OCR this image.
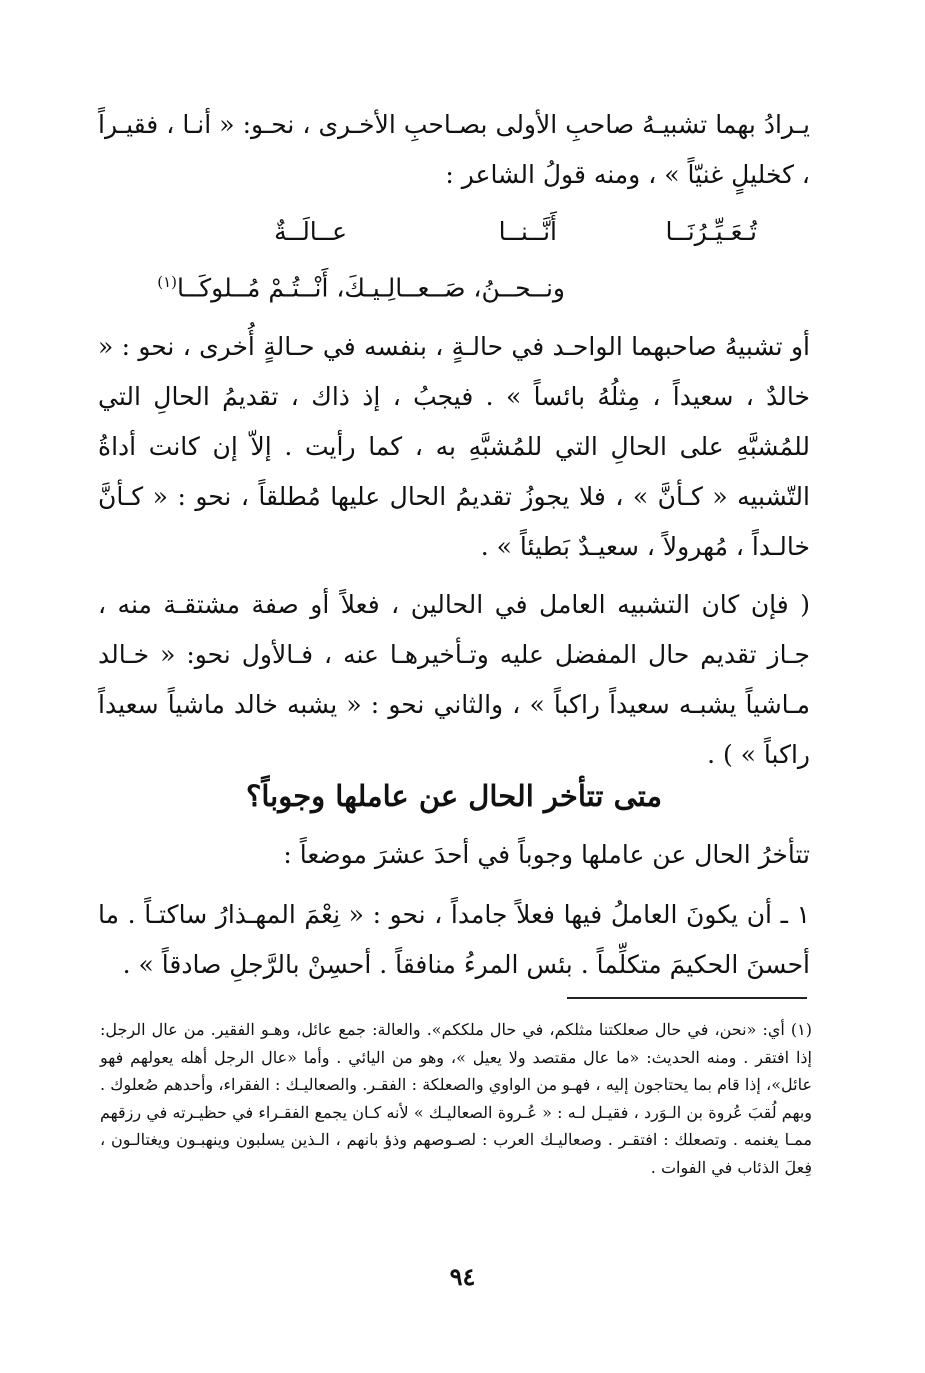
يـرادُ بهما تشبيـهُ صاحبِ الأولى بصـاحبِ الأخـرى ، نحـو: « أنـا ، فقيـراً ، كخليلٍ غنيّاً » ، ومنه قولُ الشاعر :

تُـعَـيِّـرُنَــا
أَنَّــنــا
عــالَــةٌ
ونــحــنُ، صَــعــالِـيـكَ، أَنْــتُـمْ مُــلوكَــا$^{(١)}$

أو تشبيهُ صاحبهما الواحـد في حالـةٍ ، بنفسه في حـالةٍ أُخرى ، نحو : « خالدٌ ، سعيداً ، مِثلُهُ بائساً » . فيجبُ ، إذ ذاك ، تقديمُ الحالِ التي للمُشبَّهِ على الحالِ التي للمُشبَّهِ به ، كما رأيت . إلاّ إن كانت أداةُ التّشبيه « كـأنَّ » ، فلا يجوزُ تقديمُ الحال عليها مُطلقاً ، نحو : « كـأنَّ خالـداً ، مُهرولاً ، سعيـدٌ بَطيئاً » .

( فإن كان التشبيه العامل في الحالين ، فعلاً أو صفة مشتقـة منه ، جـاز تقديم حال المفضل عليه وتـأخيرهـا عنه ، فـالأول نحو: « خـالد مـاشياً يشبـه سعيداً راكباً » ، والثاني نحو : « يشبه خالد ماشياً سعيداً راكباً » ) .

متى تتأخر الحال عن عاملها وجوباً؟

تتأخرُ الحال عن عاملها وجوباً في أحدَ عشرَ موضعاً :

١ ـ أن يكونَ العاملُ فيها فعلاً جامداً ، نحو : « نِعْمَ المهـذارُ ساكتـاً . ما أحسنَ الحكيمَ متكلِّماً . بئس المرءُ منافقاً . أحسِنْ بالرَّجلِ صادقاً » .

(١) أي: «نحن، في حال صعلكتنا مثلكم، في حال ملككم». والعالة: جمع عائل، وهـو الفقير. من عال الرجل: إذا افتقر . ومنه الحديث: «ما عال مقتصد ولا يعيل »، وهو من اليائي . وأما «عال الرجل أهله يعولهم فهو عائل»، إذا قام بما يحتاجون إليه ، فهـو من الواوي والصعلكة : الفقـر. والصعاليـك : الفقراء، وأحدهم صُعلوك . وبهم لُقبَ عُروة بن الـوَرد ، فقيـل لـه : « عُـروة الصعاليـك » لأنه كـان يجمع الفقـراء في حظيـرته في رزقهم ممـا يغنمه . وتصعلك : افتقـر . وصعاليـك العرب : لصـوصهم وذؤ بانهم ، الـذين يسلبون وينهبـون ويغتالـون ، فِعلَ الذئاب في الفوات .

٩٤
